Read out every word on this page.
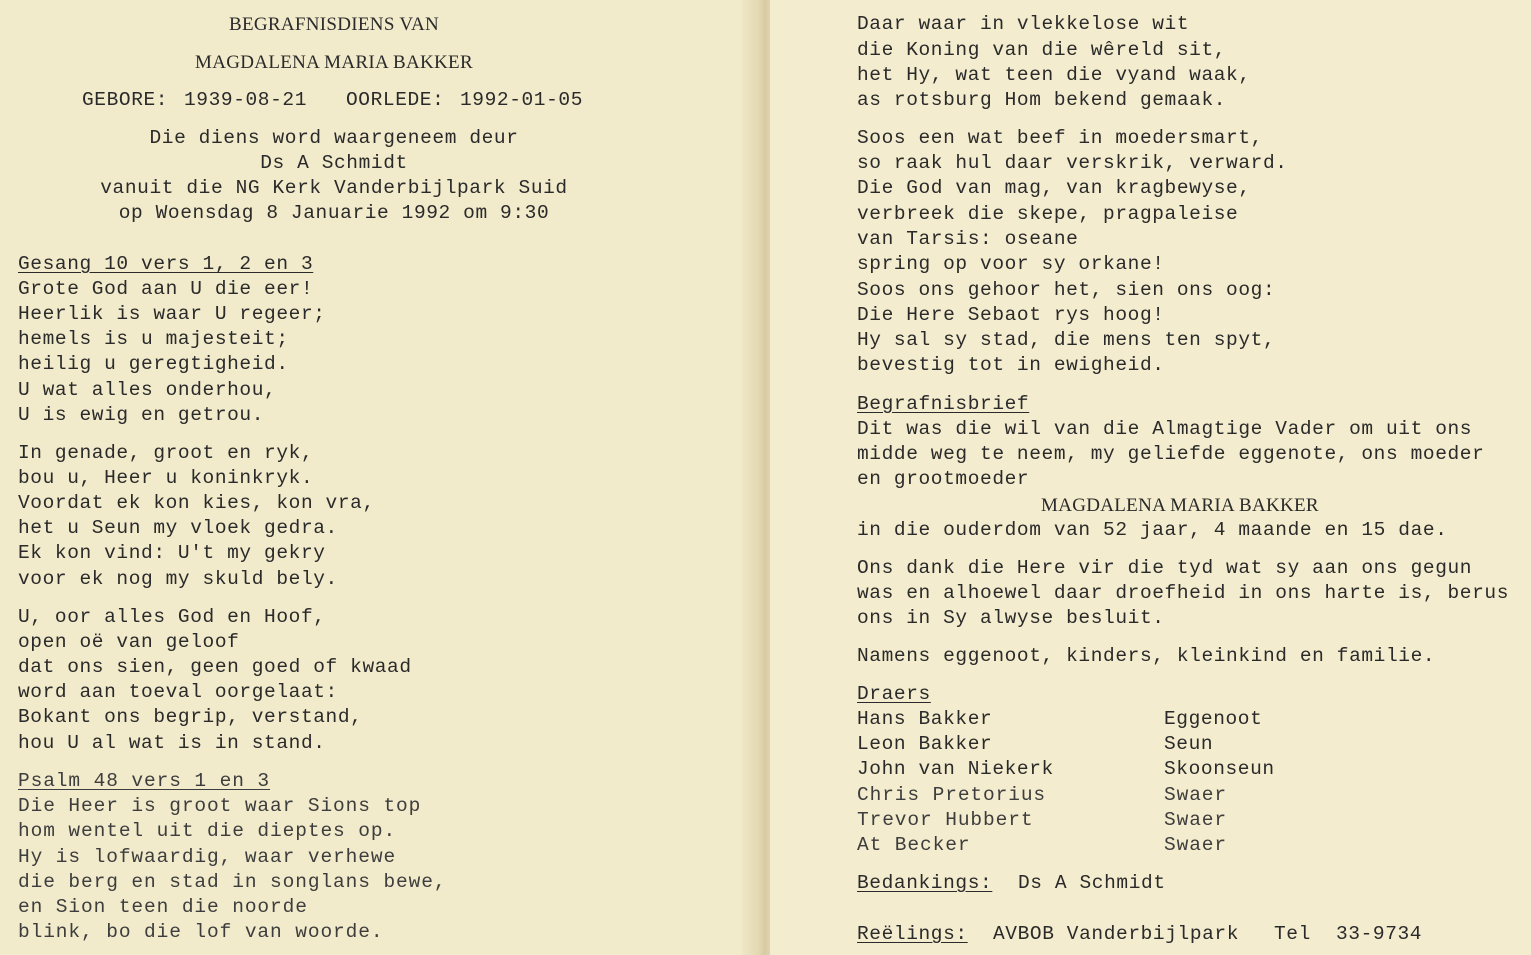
BEGRAFNISDIENS VAN
MAGDALENA MARIA BAKKER
GEBORE: 1939-08-21 OORLEDE: 1992-01-05
Die diens word waargeneem deur
Ds A Schmidt
vanuit die NG Kerk Vanderbijlpark Suid
op Woensdag 8 Januarie 1992 om 9:30
Gesang 10 vers 1, 2 en 3
Grote God aan U die eer!
Heerlik is waar U regeer;
hemels is u majesteit;
heilig u geregtigheid.
U wat alles onderhou,
U is ewig en getrou.
In genade, groot en ryk,
bou u, Heer u koninkryk.
Voordat ek kon kies, kon vra,
het u Seun my vloek gedra.
Ek kon vind: U't my gekry
voor ek nog my skuld bely.
U, oor alles God en Hoof,
open oë van geloof
dat ons sien, geen goed of kwaad
word aan toeval oorgelaat:
Bokant ons begrip, verstand,
hou U al wat is in stand.
Psalm 48 vers 1 en 3
Die Heer is groot waar Sions top
hom wentel uit die dieptes op.
Hy is lofwaardig, waar verhewe
die berg en stad in songlans bewe,
en Sion teen die noorde
blink, bo die lof van woorde.
Daar waar in vlekkelose wit
die Koning van die wêreld sit,
het Hy, wat teen die vyand waak,
as rotsburg Hom bekend gemaak.
Soos een wat beef in moedersmart,
so raak hul daar verskrik, verward.
Die God van mag, van kragbewyse,
verbreek die skepe, pragpaleise
van Tarsis: oseane
spring op voor sy orkane!
Soos ons gehoor het, sien ons oog:
Die Here Sebaot rys hoog!
Hy sal sy stad, die mens ten spyt,
bevestig tot in ewigheid.
Begrafnisbrief
Dit was die wil van die Almagtige Vader om uit ons
midde weg te neem, my geliefde eggenote, ons moeder
en grootmoeder
MAGDALENA MARIA BAKKER
in die ouderdom van 52 jaar, 4 maande en 15 dae.
Ons dank die Here vir die tyd wat sy aan ons gegun
was en alhoewel daar droefheid in ons harte is, berus
ons in Sy alwyse besluit.
Namens eggenoot, kinders, kleinkind en familie.
Draers
Hans Bakker	Eggenoot
Leon Bakker	Seun
John van Niekerk	Skoonseun
Chris Pretorius	Swaer
Trevor Hubbert	Swaer
At Becker	Swaer
Bedankings: Ds A Schmidt
Reëlings: AVBOB Vanderbijlpark Tel 33-9734
